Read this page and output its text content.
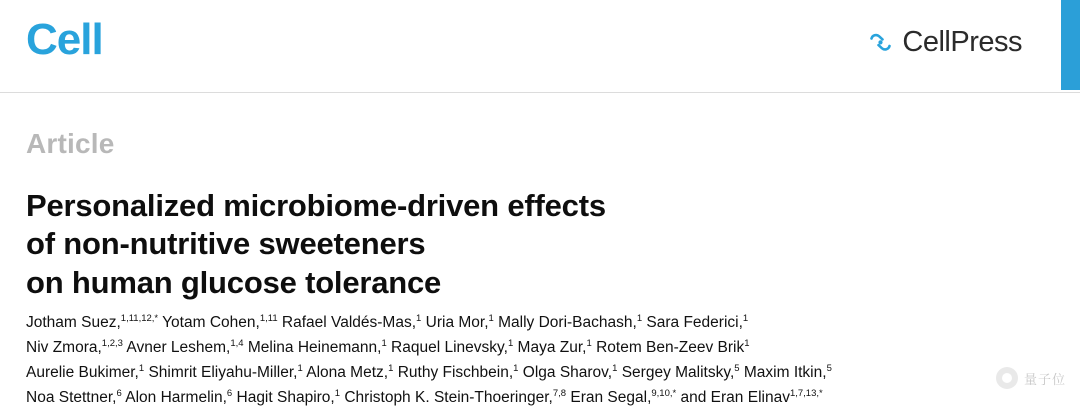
Cell	CellPress
Article
Personalized microbiome-driven effects
of non-nutritive sweeteners
on human glucose tolerance
Jotham Suez,$^{1,11,12,*}$ Yotam Cohen,$^{1,11}$ Rafael Valdés-Mas,$^1$ Uria Mor,$^1$ Mally Dori-Bachash,$^1$ Sara Federici,$^1$
Niv Zmora,$^{1,2,3}$ Avner Leshem,$^{1,4}$ Melina Heinemann,$^1$ Raquel Linevsky,$^1$ Maya Zur,$^1$ Rotem Ben-Zeev Brik$^1$
Aurelie Bukimer,$^1$ Shimrit Eliyahu-Miller,$^1$ Alona Metz,$^1$ Ruthy Fischbein,$^1$ Olga Sharov,$^1$ Sergey Malitsky,$^5$ Maxim Itkin,$^5$
Noa Stettner,$^6$ Alon Harmelin,$^6$ Hagit Shapiro,$^1$ Christoph K. Stein-Thoeringer,$^{7,8}$ Eran Segal,$^{9,10,*}$ and Eran Elinav$^{1,7,13,*}$
量子位
